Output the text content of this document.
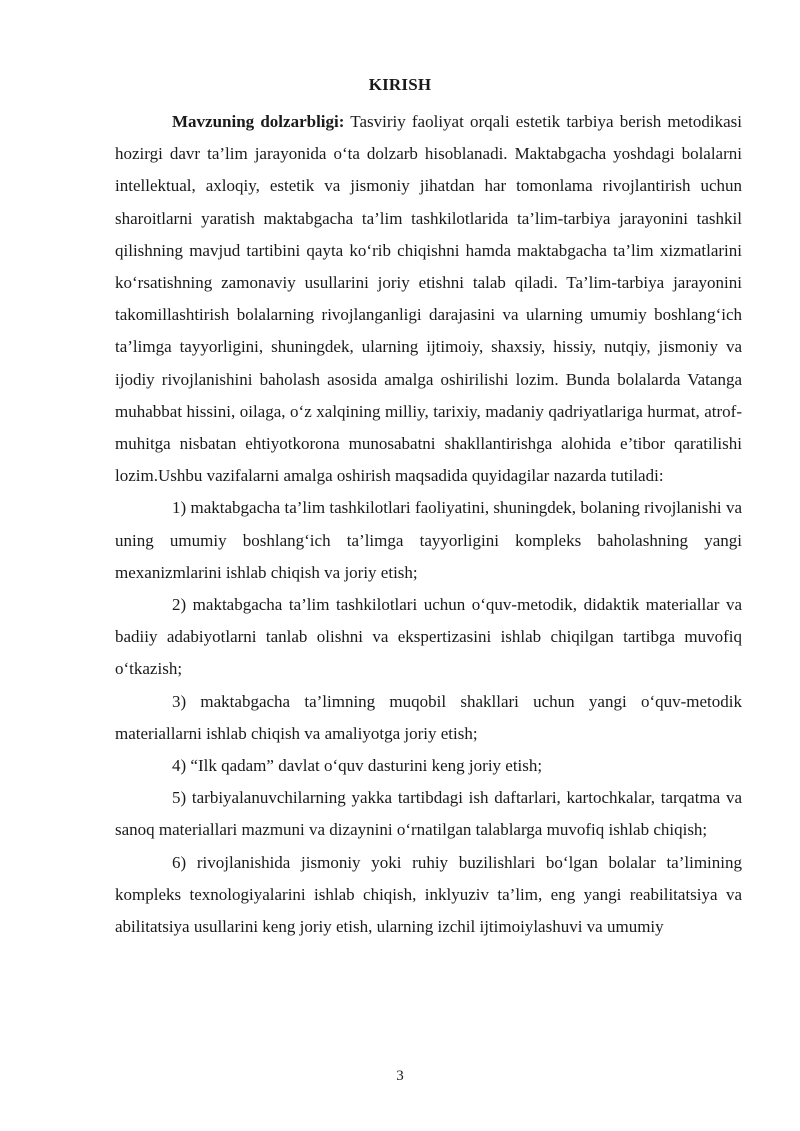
KIRISH

Mavzuning dolzarbligi: Tasviriy faoliyat orqali estetik tarbiya berish metodikasi hozirgi davr ta’lim jarayonida o‘ta dolzarb hisoblanadi. Maktabgacha yoshdagi bolalarni intellektual, axloqiy, estetik va jismoniy jihatdan har tomonlama rivojlantirish uchun sharoitlarni yaratish maktabgacha ta’lim tashkilotlarida ta’lim-tarbiya jarayonini tashkil qilishning mavjud tartibini qayta ko‘rib chiqishni hamda maktabgacha ta’lim xizmatlarini ko‘rsatishning zamonaviy usullarini joriy etishni talab qiladi. Ta’lim-tarbiya jarayonini takomillashtirish bolalarning rivojlanganligi darajasini va ularning umumiy boshlang‘ich ta’limga tayyorligini, shuningdek, ularning ijtimoiy, shaxsiy, hissiy, nutqiy, jismoniy va ijodiy rivojlanishini baholash asosida amalga oshirilishi lozim. Bunda bolalarda Vatanga muhabbat hissini, oilaga, o‘z xalqining milliy, tarixiy, madaniy qadriyatlariga hurmat, atrof-muhitga nisbatan ehtiyotkorona munosabatni shakllantirishga alohida e’tibor qaratilishi lozim.Ushbu vazifalarni amalga oshirish maqsadida quyidagilar nazarda tutiladi:

1) maktabgacha ta’lim tashkilotlari faoliyatini, shuningdek, bolaning rivojlanishi va uning umumiy boshlang‘ich ta’limga tayyorligini kompleks baholashning yangi mexanizmlarini ishlab chiqish va joriy etish;

2) maktabgacha ta’lim tashkilotlari uchun o‘quv-metodik, didaktik materiallar va badiiy adabiyotlarni tanlab olishni va ekspertizasini ishlab chiqilgan tartibga muvofiq o‘tkazish;

3) maktabgacha ta’limning muqobil shakllari uchun yangi o‘quv-metodik materiallarni ishlab chiqish va amaliyotga joriy etish;

4) “Ilk qadam” davlat o‘quv dasturini keng joriy etish;

5) tarbiyalanuvchilarning yakka tartibdagi ish daftarlari, kartochkalar, tarqatma va sanoq materiallari mazmuni va dizaynini o‘rnatilgan talablarga muvofiq ishlab chiqish;

6) rivojlanishida jismoniy yoki ruhiy buzilishlari bo‘lgan bolalar ta’limining kompleks texnologiyalarini ishlab chiqish, inklyuziv ta’lim, eng yangi reabilitatsiya va abilitatsiya usullarini keng joriy etish, ularning izchil ijtimoiylashuvi va umumiy

3
